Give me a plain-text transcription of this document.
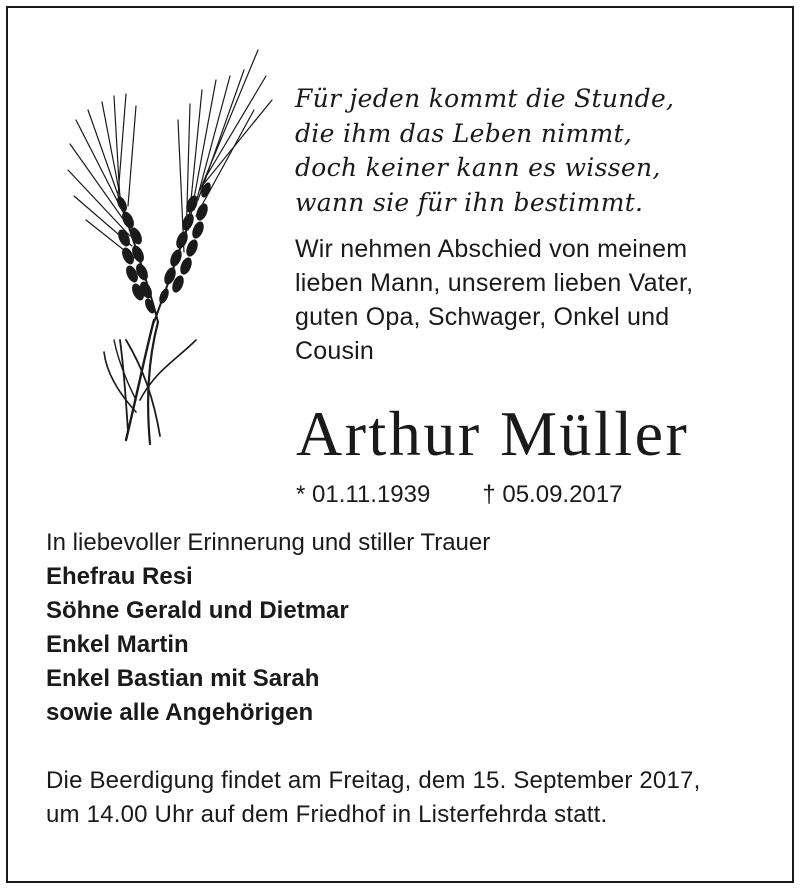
Für jeden kommt die Stunde,
die ihm das Leben nimmt,
doch keiner kann es wissen,
wann sie für ihn bestimmt.
Wir nehmen Abschied von meinem
lieben Mann, unserem lieben Vater,
guten Opa, Schwager, Onkel und
Cousin
Arthur Müller
* 01.11.1939 † 05.09.2017
In liebevoller Erinnerung und stiller Trauer
Ehefrau Resi
Söhne Gerald und Dietmar
Enkel Martin
Enkel Bastian mit Sarah
sowie alle Angehörigen
Die Beerdigung findet am Freitag, dem 15. September 2017,
um 14.00 Uhr auf dem Friedhof in Listerfehrda statt.
